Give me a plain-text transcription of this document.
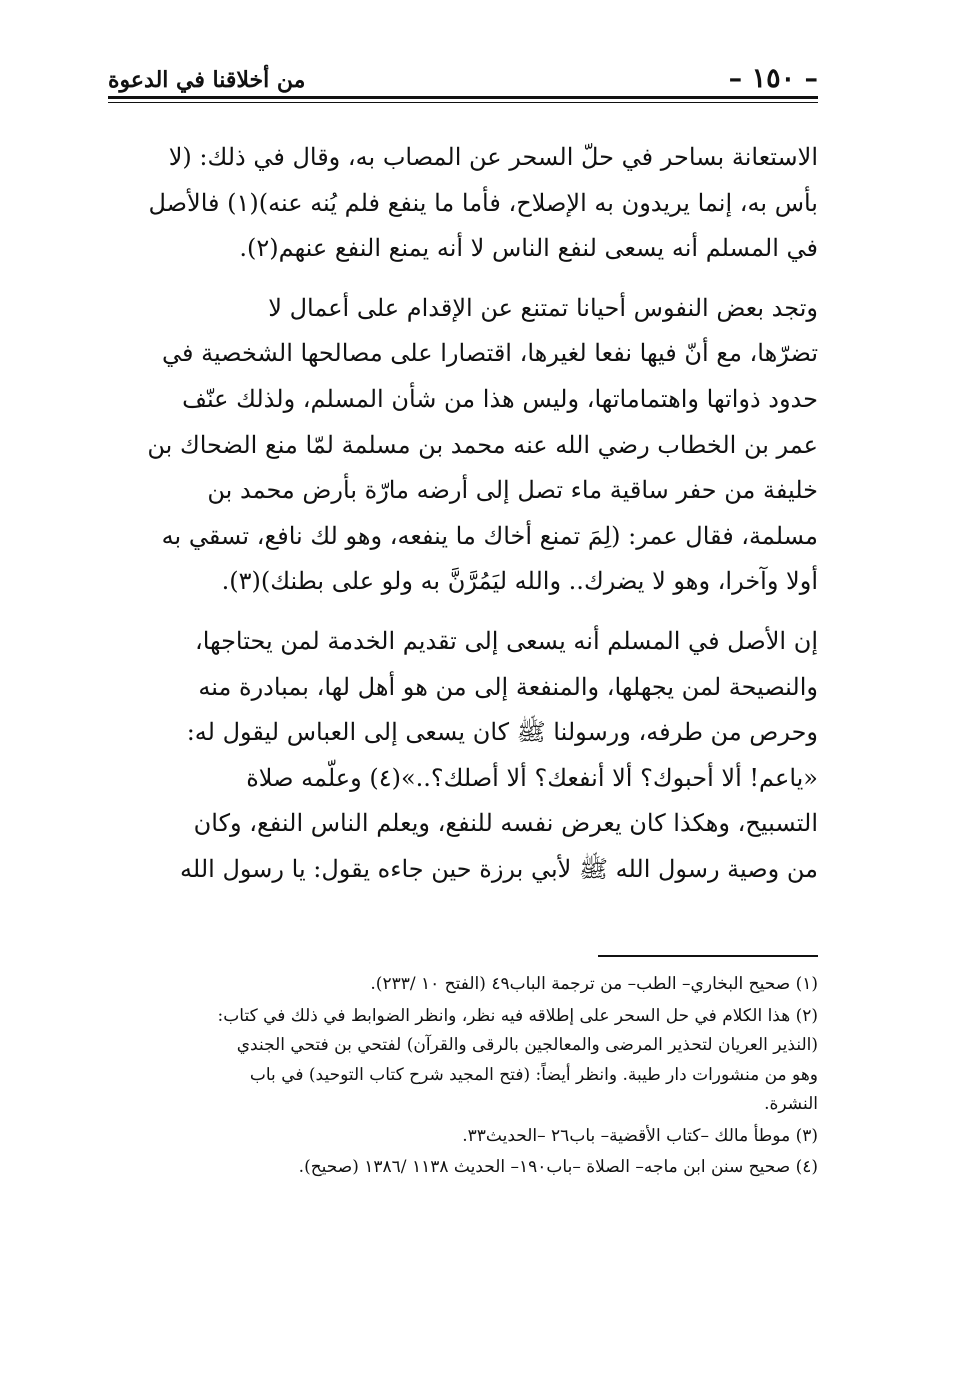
– ١٥٠ –
من أخلاقنا في الدعوة

الاستعانة بساحر في حلّ السحر عن المصاب به، وقال في ذلك: (لا
بأس به، إنما يريدون به الإصلاح، فأما ما ينفع فلم يُنه عنه)(١) فالأصل
في المسلم أنه يسعى لنفع الناس لا أنه يمنع النفع عنهم(٢).

وتجد بعض النفوس أحيانا تمتنع عن الإقدام على أعمال لا
تضرّها، مع أنّ فيها نفعا لغيرها، اقتصارا على مصالحها الشخصية في
حدود ذواتها واهتماماتها، وليس هذا من شأن المسلم، ولذلك عنّف
عمر بن الخطاب رضي الله عنه محمد بن مسلمة لمّا منع الضحاك بن
خليفة من حفر ساقية ماء تصل إلى أرضه مارّة بأرض محمد بن
مسلمة، فقال عمر: (لِمَ تمنع أخاك ما ينفعه، وهو لك نافع، تسقي به
أولا وآخرا، وهو لا يضرك.. والله ليَمُرَّنَّ به ولو على بطنك)(٣).

إن الأصل في المسلم أنه يسعى إلى تقديم الخدمة لمن يحتاجها،
والنصيحة لمن يجهلها، والمنفعة إلى من هو أهل لها، بمبادرة منه
وحرص من طرفه، ورسولنا ﷺ كان يسعى إلى العباس ليقول له:
«ياعم! ألا أحبوك؟ ألا أنفعك؟ ألا أصلك؟..»(٤) وعلّمه صلاة
التسبيح، وهكذا كان يعرض نفسه للنفع، ويعلم الناس النفع، وكان
من وصية رسول الله ﷺ لأبي برزة حين جاءه يقول: يا رسول الله

(١) صحيح البخاري– الطب– من ترجمة الباب٤٩ (الفتح ١٠ /٢٣٣).

(٢) هذا الكلام في حل السحر على إطلاقه فيه نظر، وانظر الضوابط في ذلك في كتاب:
(النذير العريان لتحذير المرضى والمعالجين بالرقى والقرآن) لفتحي بن فتحي الجندي
وهو من منشورات دار طيبة. وانظر أيضاً: (فتح المجيد شرح كتاب التوحيد) في باب
النشرة.

(٣) موطأ مالك –كتاب الأقضية– باب٢٦ –الحديث٣٣.

(٤) صحيح سنن ابن ماجه– الصلاة –باب١٩٠– الحديث ١١٣٨ /١٣٨٦ (صحيح).
